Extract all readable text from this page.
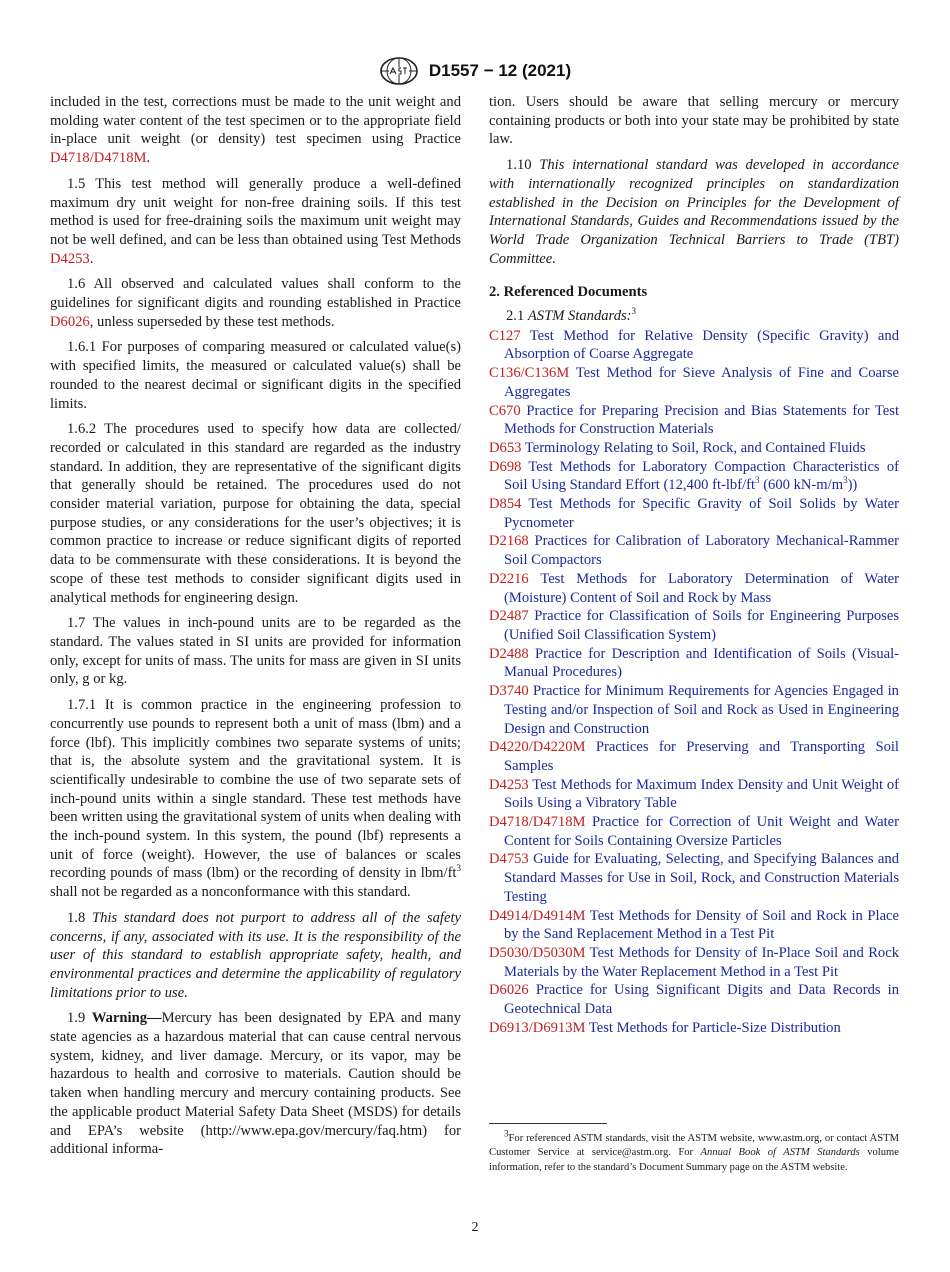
D1557 − 12 (2021)

included in the test, corrections must be made to the unit weight and molding water content of the test specimen or to the appropriate field in-place unit weight (or density) test specimen using Practice D4718/D4718M.

1.5 This test method will generally produce a well-defined maximum dry unit weight for non-free draining soils. If this test method is used for free-draining soils the maximum unit weight may not be well defined, and can be less than obtained using Test Methods D4253.

1.6 All observed and calculated values shall conform to the guidelines for significant digits and rounding established in Practice D6026, unless superseded by these test methods.

1.6.1 For purposes of comparing measured or calculated value(s) with specified limits, the measured or calculated value(s) shall be rounded to the nearest decimal or significant digits in the specified limits.

1.6.2 The procedures used to specify how data are collected/ recorded or calculated in this standard are regarded as the industry standard. In addition, they are representative of the significant digits that generally should be retained. The procedures used do not consider material variation, purpose for obtaining the data, special purpose studies, or any considerations for the user’s objectives; it is common practice to increase or reduce significant digits of reported data to be commensurate with these considerations. It is beyond the scope of these test methods to consider significant digits used in analytical methods for engineering design.

1.7 The values in inch-pound units are to be regarded as the standard. The values stated in SI units are provided for information only, except for units of mass. The units for mass are given in SI units only, g or kg.

1.7.1 It is common practice in the engineering profession to concurrently use pounds to represent both a unit of mass (lbm) and a force (lbf). This implicitly combines two separate systems of units; that is, the absolute system and the gravitational system. It is scientifically undesirable to combine the use of two separate sets of inch-pound units within a single standard. These test methods have been written using the gravitational system of units when dealing with the inch-pound system. In this system, the pound (lbf) represents a unit of force (weight). However, the use of balances or scales recording pounds of mass (lbm) or the recording of density in lbm/$ft^3$ shall not be regarded as a nonconformance with this standard.

1.8 This standard does not purport to address all of the safety concerns, if any, associated with its use. It is the responsibility of the user of this standard to establish appropriate safety, health, and environmental practices and determine the applicability of regulatory limitations prior to use.

1.9 Warning—Mercury has been designated by EPA and many state agencies as a hazardous material that can cause central nervous system, kidney, and liver damage. Mercury, or its vapor, may be hazardous to health and corrosive to materials. Caution should be taken when handling mercury and mercury containing products. See the applicable product Material Safety Data Sheet (MSDS) for details and EPA’s website (http://www.epa.gov/mercury/faq.htm) for additional informa-

tion. Users should be aware that selling mercury or mercury containing products or both into your state may be prohibited by state law.

1.10 This international standard was developed in accordance with internationally recognized principles on standardization established in the Decision on Principles for the Development of International Standards, Guides and Recommendations issued by the World Trade Organization Technical Barriers to Trade (TBT) Committee.

2. Referenced Documents

2.1 ASTM Standards:$^3$

C127 Test Method for Relative Density (Specific Gravity) and Absorption of Coarse Aggregate
C136/C136M Test Method for Sieve Analysis of Fine and Coarse Aggregates
C670 Practice for Preparing Precision and Bias Statements for Test Methods for Construction Materials
D653 Terminology Relating to Soil, Rock, and Contained Fluids
D698 Test Methods for Laboratory Compaction Characteristics of Soil Using Standard Effort (12,400 $ft-lbf/ft^3$ (600 $kN-m/m^3$))
D854 Test Methods for Specific Gravity of Soil Solids by Water Pycnometer
D2168 Practices for Calibration of Laboratory Mechanical-Rammer Soil Compactors
D2216 Test Methods for Laboratory Determination of Water (Moisture) Content of Soil and Rock by Mass
D2487 Practice for Classification of Soils for Engineering Purposes (Unified Soil Classification System)
D2488 Practice for Description and Identification of Soils (Visual-Manual Procedures)
D3740 Practice for Minimum Requirements for Agencies Engaged in Testing and/or Inspection of Soil and Rock as Used in Engineering Design and Construction
D4220/D4220M Practices for Preserving and Transporting Soil Samples
D4253 Test Methods for Maximum Index Density and Unit Weight of Soils Using a Vibratory Table
D4718/D4718M Practice for Correction of Unit Weight and Water Content for Soils Containing Oversize Particles
D4753 Guide for Evaluating, Selecting, and Specifying Balances and Standard Masses for Use in Soil, Rock, and Construction Materials Testing
D4914/D4914M Test Methods for Density of Soil and Rock in Place by the Sand Replacement Method in a Test Pit
D5030/D5030M Test Methods for Density of In-Place Soil and Rock Materials by the Water Replacement Method in a Test Pit
D6026 Practice for Using Significant Digits and Data Records in Geotechnical Data
D6913/D6913M Test Methods for Particle-Size Distribution
$^3$For referenced ASTM standards, visit the ASTM website, www.astm.org, or contact ASTM Customer Service at service@astm.org. For Annual Book of ASTM Standards volume information, refer to the standard’s Document Summary page on the ASTM website.
2
